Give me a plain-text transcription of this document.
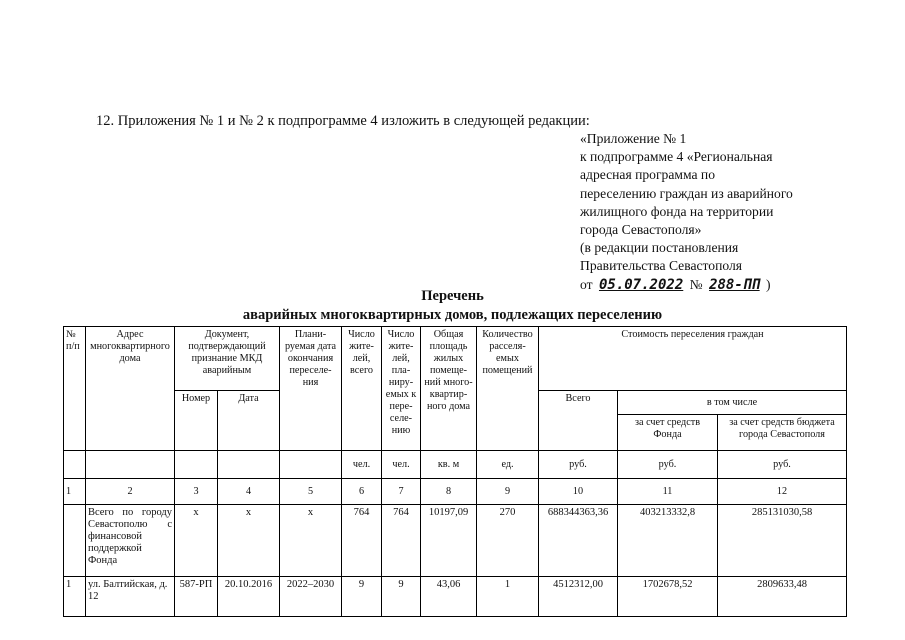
12. Приложения № 1 и № 2 к подпрограмме 4 изложить в следующей редакции:
«Приложение № 1
к подпрограмме 4 «Региональная
адресная программа по
переселению граждан из аварийного
жилищного фонда на территории
города Севастополя»
(в редакции постановления
Правительства Севастополя
от 05.07.2022 № 288-ПП )
Перечень
аварийных многоквартирных домов, подлежащих переселению
№ п/п	Адрес многоквартирного дома	Документ, подтверждающий признание МКД аварийным		Плани- руемая дата окончания переселе- ния	Число жите- лей, всего	Число жите- лей, пла- ниру- емых к пере- селе- нию	Общая площадь жилых помеще- ний много- квартир- ного дома	Количество расселя- емых помещений	Стоимость переселения граждан		
		Номер	Дата						Всего	в том числе	
										за счет средств Фонда	за счет средств бюджета города Севастополя
					чел.	чел.	кв. м	ед.	руб.	руб.	руб.
1	2	3	4	5	6	7	8	9	10	11	12
	Всего по городу Севастополю с финансовой поддержкой Фонда	х	х	х	764	764	10197,09	270	688344363,36	403213332,8	285131030,58
1	ул. Балтийская, д. 12	587-РП	20.10.2016	2022–2030	9	9	43,06	1	4512312,00	1702678,52	2809633,48
